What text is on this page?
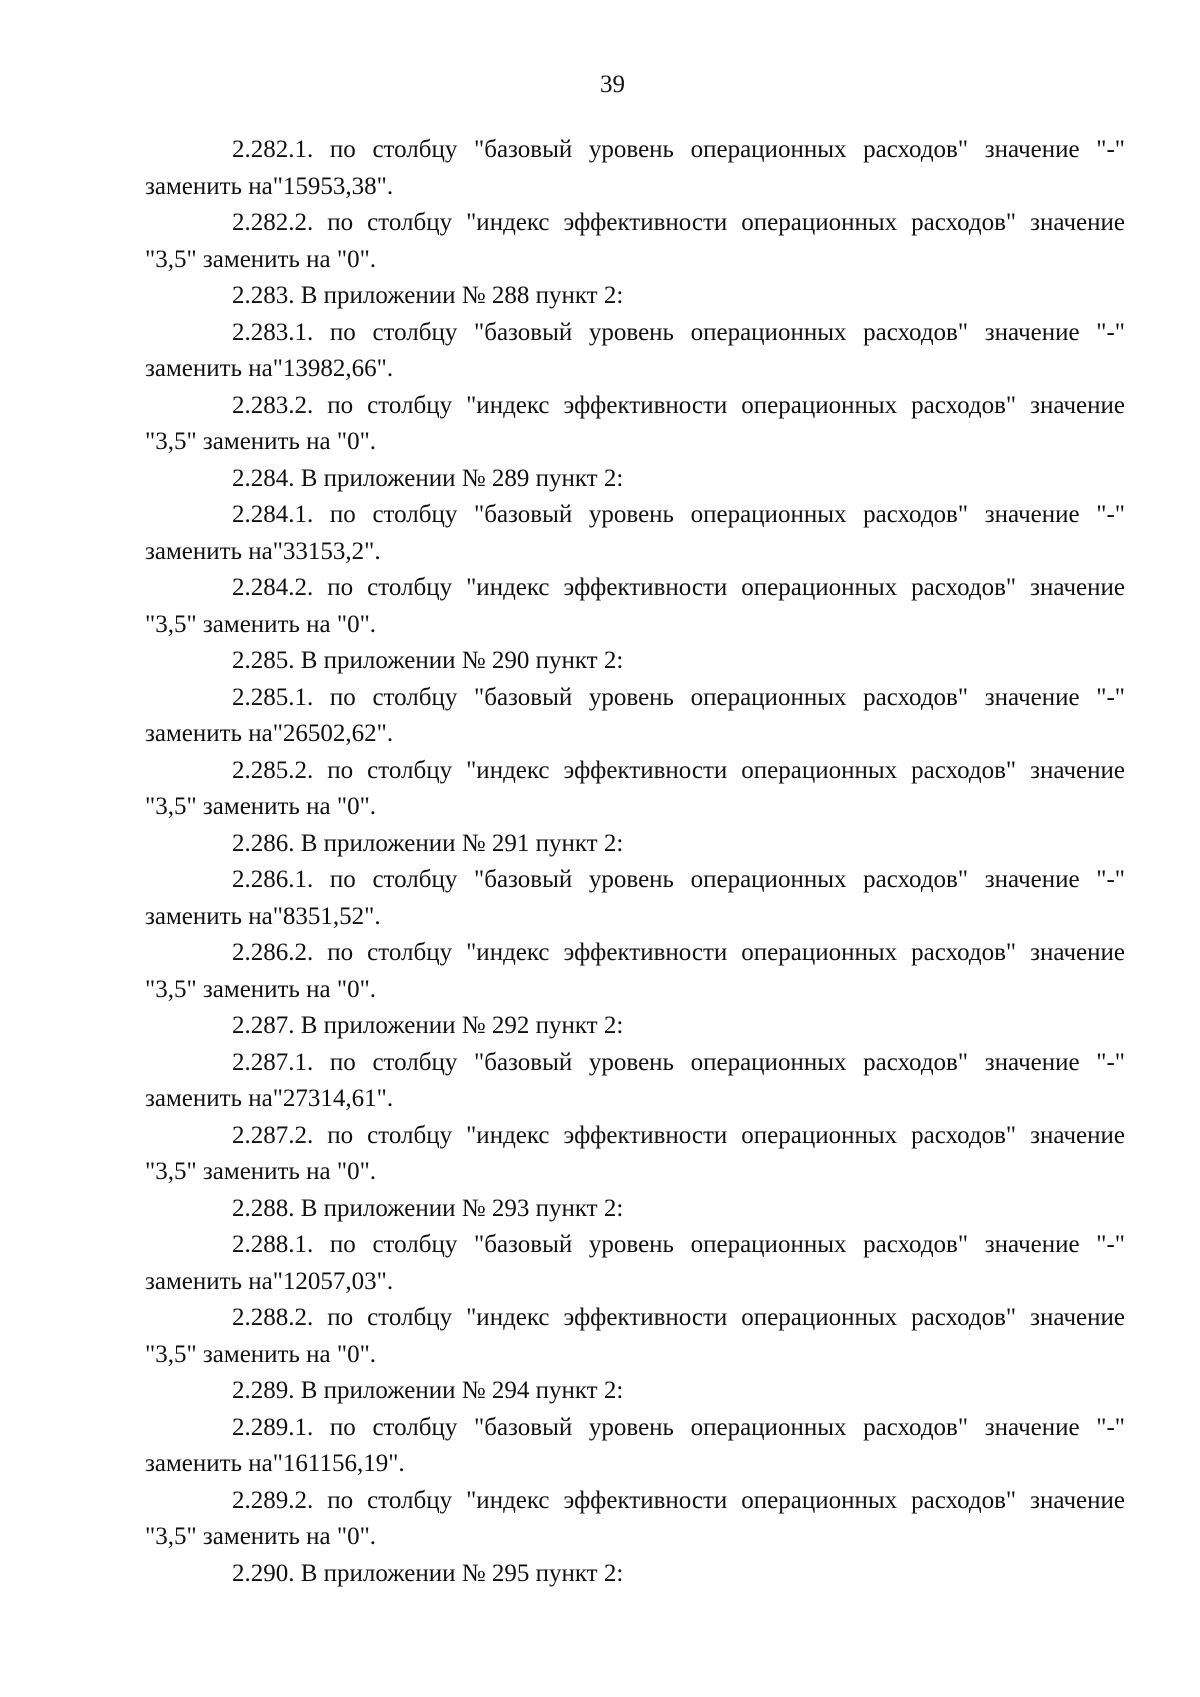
39

2.282.1. по столбцу "базовый уровень операционных расходов" значение "-" заменить на"15953,38".

2.282.2. по столбцу "индекс эффективности операционных расходов" значение "3,5" заменить на "0".

2.283. В приложении № 288 пункт 2:

2.283.1. по столбцу "базовый уровень операционных расходов" значение "-" заменить на"13982,66".

2.283.2. по столбцу "индекс эффективности операционных расходов" значение "3,5" заменить на "0".

2.284. В приложении № 289 пункт 2:

2.284.1. по столбцу "базовый уровень операционных расходов" значение "-" заменить на"33153,2".

2.284.2. по столбцу "индекс эффективности операционных расходов" значение "3,5" заменить на "0".

2.285. В приложении № 290 пункт 2:

2.285.1. по столбцу "базовый уровень операционных расходов" значение "-" заменить на"26502,62".

2.285.2. по столбцу "индекс эффективности операционных расходов" значение "3,5" заменить на "0".

2.286. В приложении № 291 пункт 2:

2.286.1. по столбцу "базовый уровень операционных расходов" значение "-" заменить на"8351,52".

2.286.2. по столбцу "индекс эффективности операционных расходов" значение "3,5" заменить на "0".

2.287. В приложении № 292 пункт 2:

2.287.1. по столбцу "базовый уровень операционных расходов" значение "-" заменить на"27314,61".

2.287.2. по столбцу "индекс эффективности операционных расходов" значение "3,5" заменить на "0".

2.288. В приложении № 293 пункт 2:

2.288.1. по столбцу "базовый уровень операционных расходов" значение "-" заменить на"12057,03".

2.288.2. по столбцу "индекс эффективности операционных расходов" значение "3,5" заменить на "0".

2.289. В приложении № 294 пункт 2:

2.289.1. по столбцу "базовый уровень операционных расходов" значение "-" заменить на"161156,19".

2.289.2. по столбцу "индекс эффективности операционных расходов" значение "3,5" заменить на "0".

2.290. В приложении № 295 пункт 2:
